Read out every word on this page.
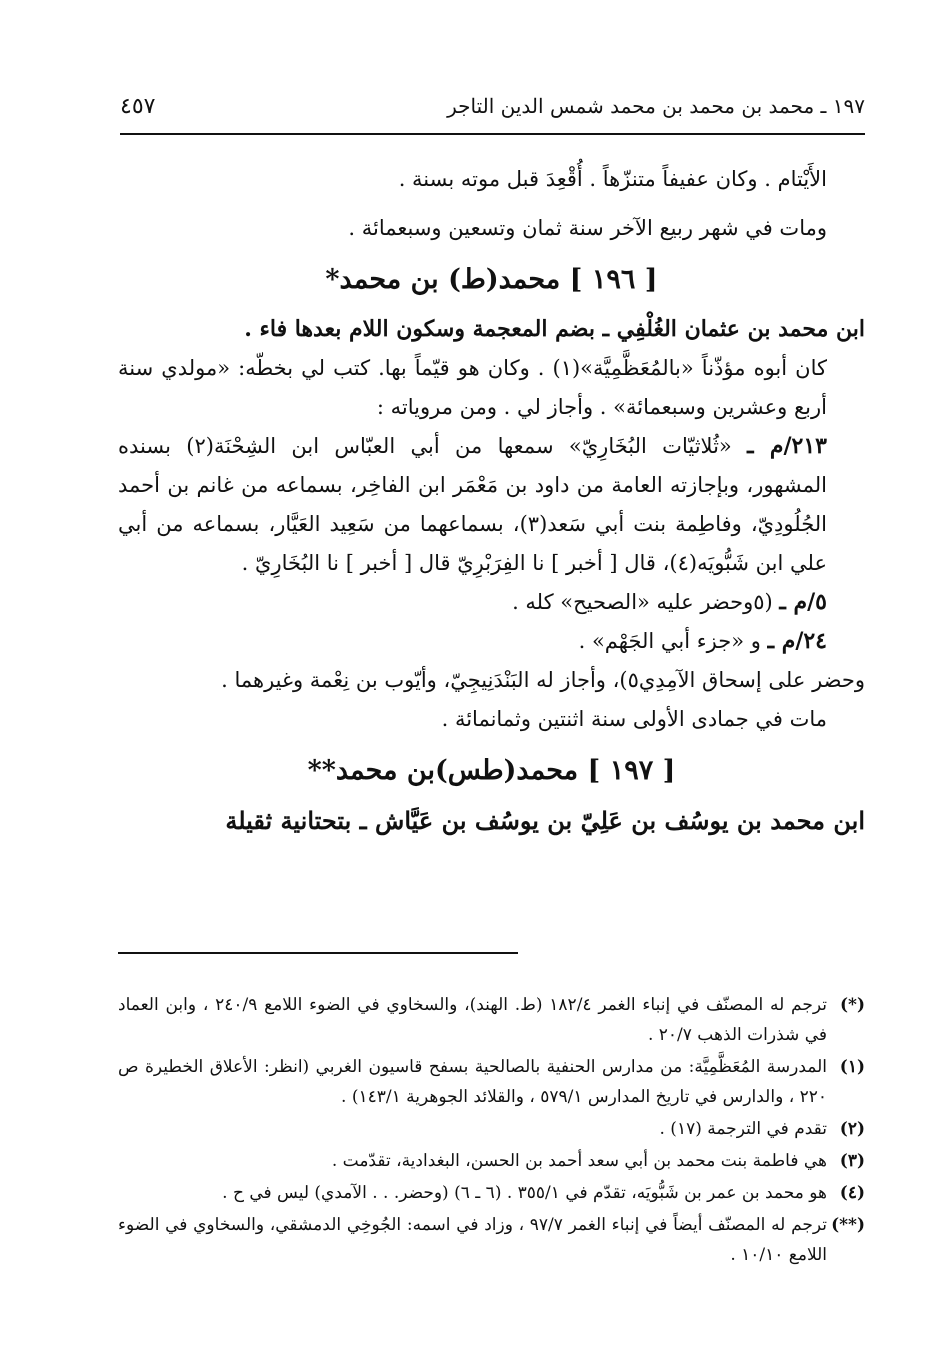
١٩٧ ـ محمد بن محمد بن محمد شمس الدين التاجر
٤٥٧

الأَيْتام . وكان عفيفاً متنزّهاً . أُقْعِدَ قبل موته بسنة .

ومات في شهر ربيع الآخر سنة ثمان وتسعين وسبعمائة .

[ ١٩٦ ] محمد(ط) بن محمد*

ابن محمد بن عثمان الغُلْفِي ـ بضم المعجمة وسكون اللام بعدها فاء .

كان أبوه مؤذّناً «بالمُعَظَّمِيَّة»(١) . وكان هو قيّماً بها. كتب لي بخطّه: «مولدي سنة أربع وعشرين وسبعمائة» . وأجاز لي . ومن مروياته :

٢١٣/م ـ «ثُلاثيّات البُخَارِيّ» سمعها من أبي العبّاس ابن الشِحْنَة(٢) بسنده المشهور، وبإجازته العامة من داود بن مَعْمَر ابن الفاخِر، بسماعه من غانم بن أحمد الجُلُودِيّ، وفاطِمة بنت أبي سَعد(٣)، بسماعهما من سَعِيد العَيَّار، بسماعه من أبي علي ابن شَبُّويَه(٤)، قال [ أخبر ] نا الفِرَبْرِيّ قال [ أخبر ] نا البُخَارِيّ .

٥/م ـ (٥وحضر عليه «الصحيح» كله .

٢٤/م ـ و «جزء أبي الجَهْم» .

وحضر على إسحاق الآمِدِي٥)، وأجاز له البَنْدَنِيجِيّ، وأيّوب بن نِعْمة وغيرهما .

مات في جمادى الأولى سنة اثنتين وثمانمائة .

[ ١٩٧ ] محمد(طس)بن محمد**

ابن محمد بن يوسُف بن عَلِيّ بن يوسُف بن عَيَّاش ـ بتحتانية ثقيلة

(*)
ترجم له المصنّف في إنباء الغمر ١٨٢/٤ (ط. الهند)، والسخاوي في الضوء اللامع ٢٤٠/٩ ، وابن العماد في شذرات الذهب ٢٠/٧ .
(١)
المدرسة المُعَظَّمِيَّة: من مدارس الحنفية بالصالحية بسفح قاسيون الغربي (انظر: الأعلاق الخطيرة ص ٢٢٠ ، والدارس في تاريخ المدارس ٥٧٩/١ ، والقلائد الجوهرية ١٤٣/١) .
(٢)
تقدم في الترجمة (١٧) .
(٣)
هي فاطمة بنت محمد بن أبي سعد أحمد بن الحسن، البغدادية، تقدّمت .
(٤)
هو محمد بن عمر بن شَبُّويَه، تقدّم في ٣٥٥/١ . (٦ ـ ٦) (وحضر. . . الآمدي) ليس في ح .
(**)
ترجم له المصنّف أيضاً في إنباء الغمر ٩٧/٧ ، وزاد في اسمه: الجُوخِي الدمشقي، والسخاوي في الضوء اللامع ١٠/١٠ .
